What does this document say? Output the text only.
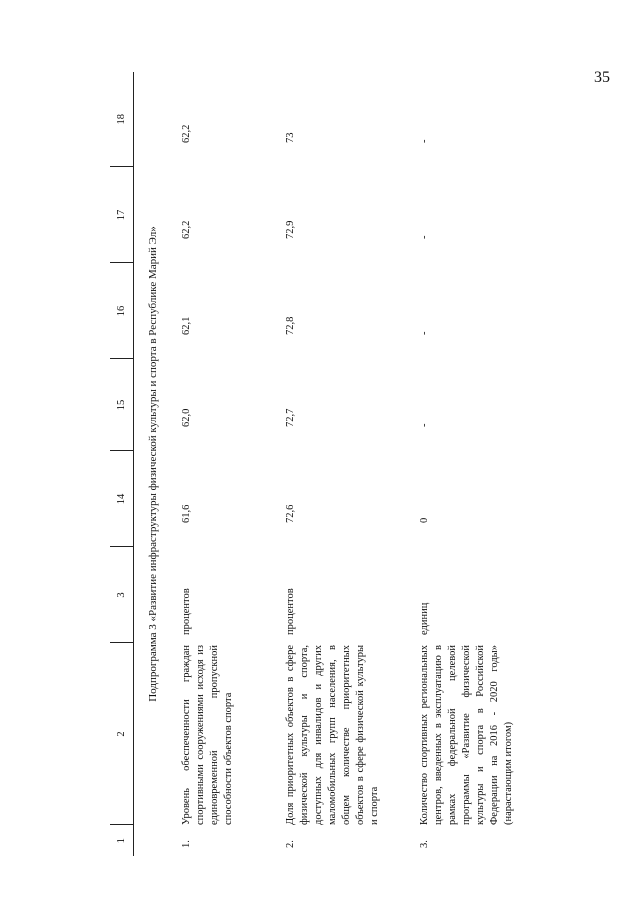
35
1	2	3	14	15	16	17	18
Подпрограмма 3 «Развитие инфраструктуры физической культуры и спорта в Республике Марий Эл»							
1.	Уровень обеспеченности граждан спортивными сооружениями исходя из единовременной пропускной способности объектов спорта	процентов	61,6	62,0	62,1	62,2	62,2
2.	Доля приоритетных объектов в сфере физической культуры и спорта, доступных для инвалидов и других маломобильных групп населения, в общем количестве приоритетных объектов в сфере физической культуры и спорта	процентов	72,6	72,7	72,8	72,9	73
3.	Количество спортивных региональных центров, введенных в эксплуатацию в рамках федеральной целевой программы «Развитие физической культуры и спорта в Российской Федерации на 2016 - 2020 годы» (нарастающим итогом)	единиц	0	-	-	-	-
